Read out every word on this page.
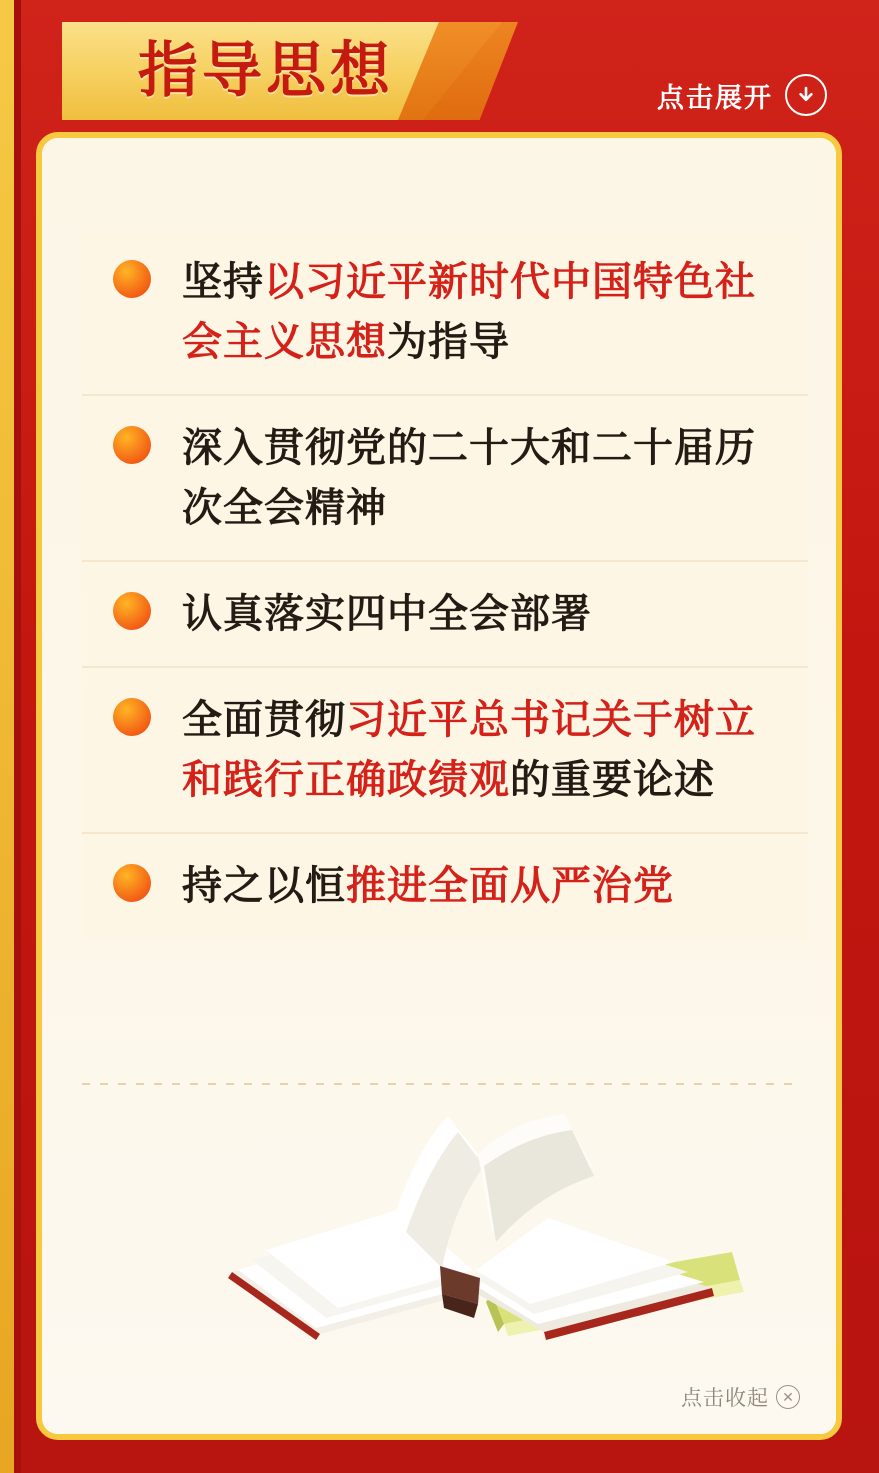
指导思想	点击展开
坚持以习近平新时代中国特色社会主义思想为指导
深入贯彻党的二十大和二十届历次全会精神
认真落实四中全会部署
全面贯彻习近平总书记关于树立和践行正确政绩观的重要论述
持之以恒推进全面从严治党
点击收起 ✕
